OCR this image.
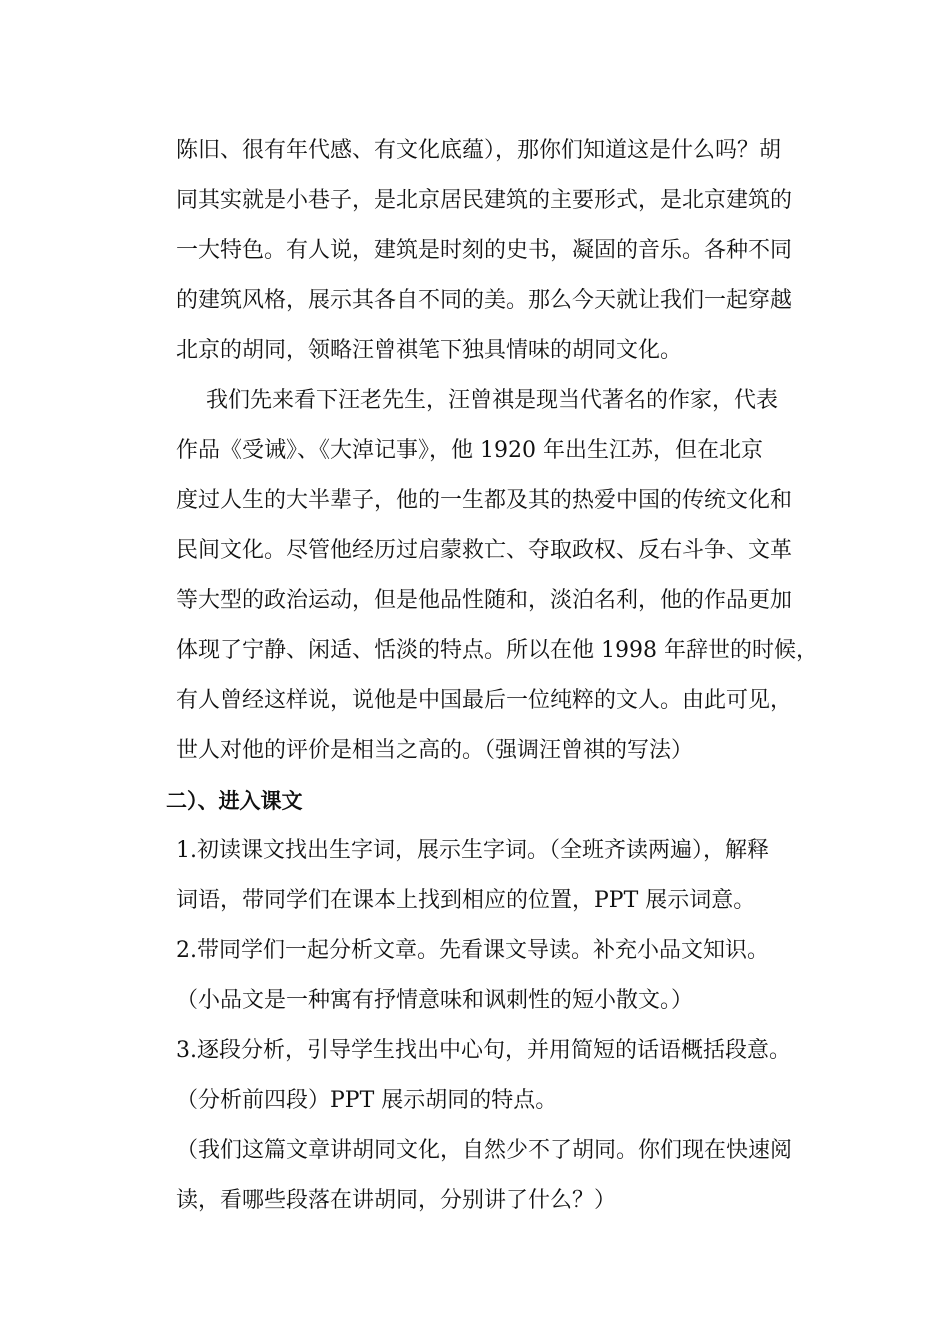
陈旧、很有年代感、有文化底蕴），那你们知道这是什么吗？胡
同其实就是小巷子，是北京居民建筑的主要形式，是北京建筑的
一大特色。有人说，建筑是时刻的史书，凝固的音乐。各种不同
的建筑风格，展示其各自不同的美。那么今天就让我们一起穿越
北京的胡同，领略汪曾祺笔下独具情味的胡同文化。
我们先来看下汪老先生，汪曾祺是现当代著名的作家，代表
作品《受诫》、《大淖记事》，他 1920 年出生江苏，但在北京
度过人生的大半辈子，他的一生都及其的热爱中国的传统文化和
民间文化。尽管他经历过启蒙救亡、夺取政权、反右斗争、文革
等大型的政治运动，但是他品性随和，淡泊名利，他的作品更加
体现了宁静、闲适、恬淡的特点。所以在他 1998 年辞世的时候，
有人曾经这样说，说他是中国最后一位纯粹的文人。由此可见，
世人对他的评价是相当之高的。（强调汪曾祺的写法）
二）、进入课文
1.初读课文找出生字词，展示生字词。（全班齐读两遍），解释
词语，带同学们在课本上找到相应的位置，PPT 展示词意。
2.带同学们一起分析文章。先看课文导读。补充小品文知识。
（小品文是一种寓有抒情意味和讽刺性的短小散文。）
3.逐段分析，引导学生找出中心句，并用简短的话语概括段意。
（分析前四段）PPT 展示胡同的特点。
（我们这篇文章讲胡同文化，自然少不了胡同。你们现在快速阅
读，看哪些段落在讲胡同，分别讲了什么？）
